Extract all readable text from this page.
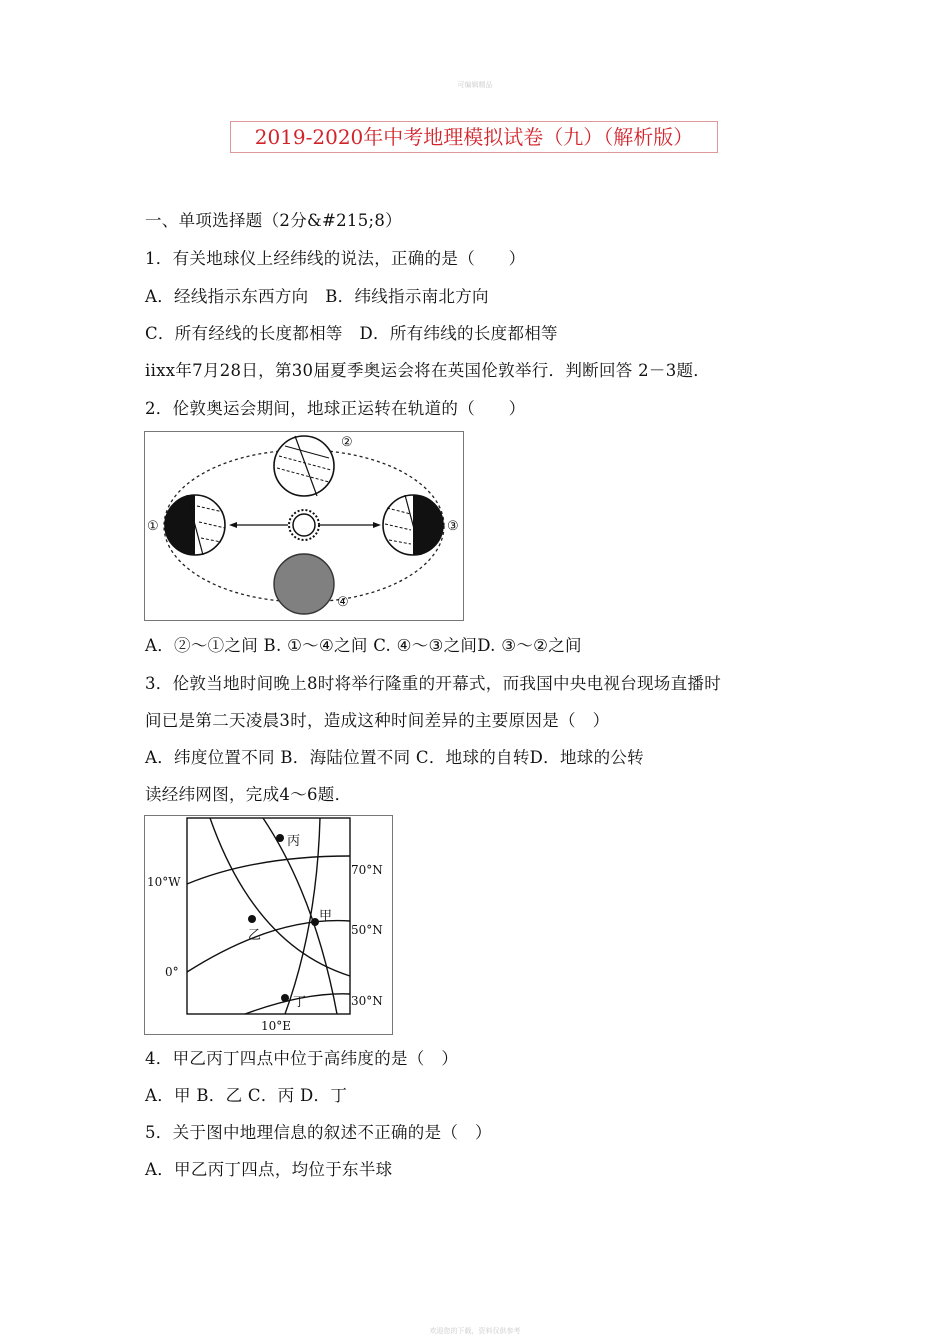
可编辑精品
2019-2020年中考地理模拟试卷（九）（解析版）
一、单项选择题（2分&#215;8）
1．有关地球仪上经纬线的说法，正确的是（　　）
A．经线指示东西方向　B．纬线指示南北方向
C．所有经线的长度都相等　D．所有纬线的长度都相等
iixx年7月28日，第30届夏季奥运会将在英国伦敦举行．判断回答 2－3题．
2．伦敦奥运会期间，地球正运转在轨道的（　　）
②
①	③
④
A．②～①之间 B. ①～④之间 C. ④～③之间D. ③～②之间
3．伦敦当地时间晚上8时将举行隆重的开幕式，而我国中央电视台现场直播时
间已是第二天凌晨3时，造成这种时间差异的主要原因是（　）
A．纬度位置不同 B．海陆位置不同 C．地球的自转D．地球的公转
读经纬网图，完成4～6题．
丙
甲
乙
丁
10°W
0°
70°N
50°N
30°N
10°E
4．甲乙丙丁四点中位于高纬度的是（　）
A．甲 B．乙 C．丙 D．丁
5．关于图中地理信息的叙述不正确的是（　）
A．甲乙丙丁四点，均位于东半球
欢迎您的下载，资料仅供参考
